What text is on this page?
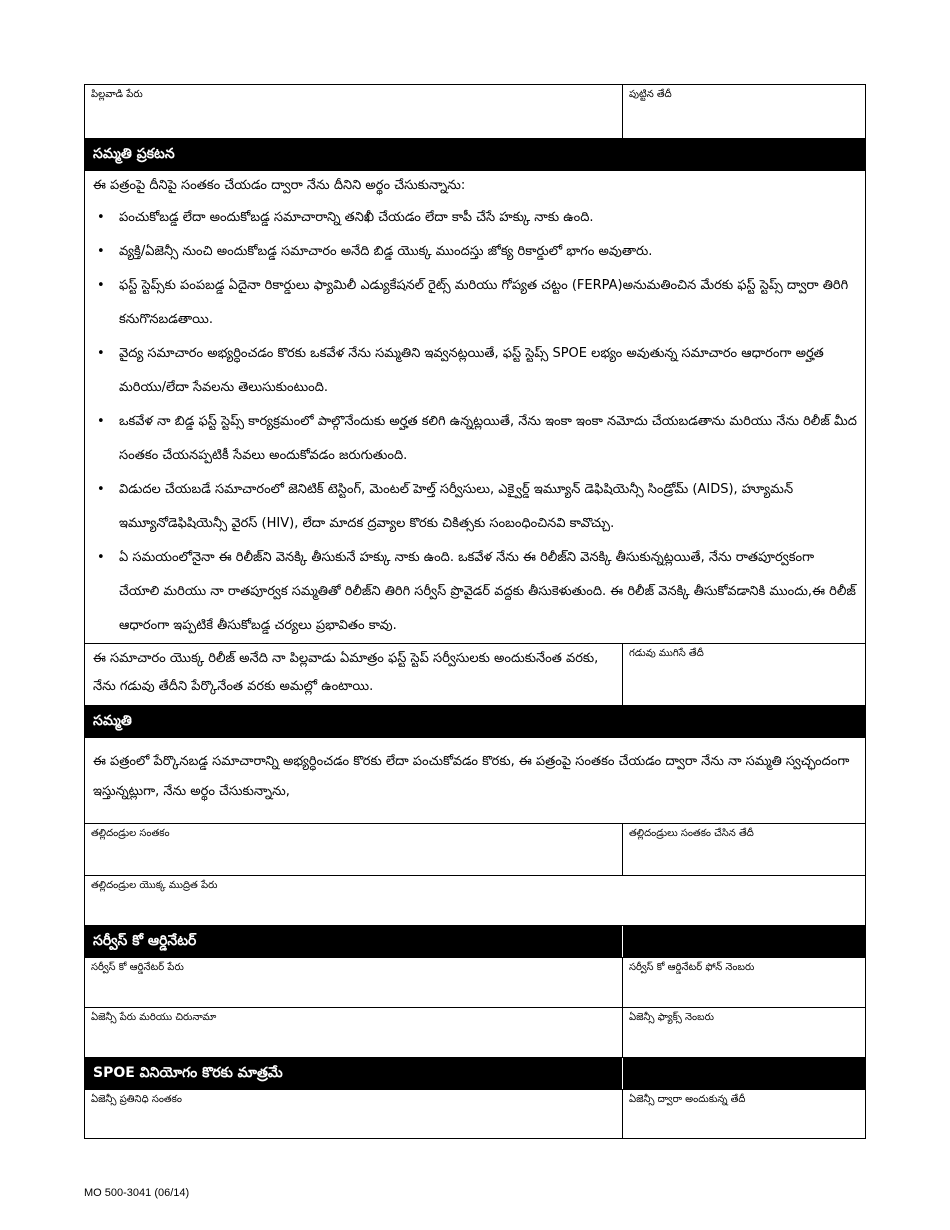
పిల్లవాడి పేరు	పుట్టిన తేదీ
సమ్మతి ప్రకటన
ఈ పత్రంపై దీనిపై సంతకం చేయడం ద్వారా నేను దీనిని అర్థం చేసుకున్నాను:
• పంచుకోబడ్డ లేదా అందుకోబడ్డ సమాచారాన్ని తనిఖీ చేయడం లేదా కాపీ చేసే హక్కు నాకు ఉంది.
• వ్యక్తి/ఏజెన్సీ నుంచి అందుకోబడ్డ సమాచారం అనేది బిడ్డ యొక్క ముందస్తు జోక్య రికార్డులో భాగం అవుతారు.
• ఫస్ట్ స్టెప్స్‌కు పంపబడ్డ ఏదైనా రికార్డులు ఫ్యామిలీ ఎడ్యుకేషనల్ రైట్స్ మరియు గోప్యత చట్టం (FERPA)అనుమతించిన మేరకు ఫస్ట్ స్టెప్స్ ద్వారా తిరిగి కనుగొనబడతాయి.
• వైద్య సమాచారం అభ్యర్ధించడం కొరకు ఒకవేళ నేను సమ్మతిని ఇవ్వనట్లయితే, ఫస్ట్ స్టెప్స్ SPOE లభ్యం అవుతున్న సమాచారం ఆధారంగా అర్హత మరియు/లేదా సేవలను తెలుసుకుంటుంది.
• ఒకవేళ నా బిడ్డ ఫస్ట్ స్టెప్స్ కార్యక్రమంలో పాల్గొనేందుకు అర్హత కలిగి ఉన్నట్లయితే, నేను ఇంకా ఇంకా నమోదు చేయబడతాను మరియు నేను రిలీజ్ మీద సంతకం చేయనప్పటికీ సేవలు అందుకోవడం జరుగుతుంది.
• విడుదల చేయబడే సమాచారంలో జెనిటిక్ టెస్టింగ్, మెంటల్ హెల్త్ సర్వీసులు, ఎక్వైర్డ్ ఇమ్యూన్ డెఫిషియెన్సీ సిండ్రోమ్ (AIDS), హ్యూమన్ ఇమ్యూనోడెఫిషియెన్సీ వైరస్ (HIV), లేదా మాదక ద్రవ్యాల కొరకు చికిత్సకు సంబంధించినవి కావొచ్చు.
• ఏ సమయంలోనైనా ఈ రిలీజ్‌ని వెనక్కి తీసుకునే హక్కు నాకు ఉంది. ఒకవేళ నేను ఈ రిలీజ్‌ని వెనక్కి తీసుకున్నట్లయితే, నేను రాతపూర్వకంగా చేయాలి మరియు నా రాతపూర్వక సమ్మతితో రిలీజ్‌ని తిరిగి సర్వీస్ ప్రొవైడర్ వద్దకు తీసుకెళుతుంది. ఈ రిలీజ్ వెనక్కి తీసుకోవడానికి ముందు,ఈ రిలీజ్ ఆధారంగా ఇప్పటికే తీసుకోబడ్డ చర్యలు ప్రభావితం కావు.
ఈ సమాచారం యొక్క రిలీజ్ అనేది నా పిల్లవాడు ఏమాత్రం ఫస్ట్ స్టెప్ సర్వీసులకు అందుకునేంత వరకు, నేను గడువు తేదీని పేర్కొనేంత వరకు అమల్లో ఉంటాయి.
గడువు ముగిసే తేదీ
సమ్మతి
ఈ పత్రంలో పేర్కొనబడ్డ సమాచారాన్ని అభ్యర్ధించడం కొరకు లేదా పంచుకోవడం కొరకు, ఈ పత్రంపై సంతకం చేయడం ద్వారా నేను నా సమ్మతి స్వచ్ఛందంగా ఇస్తున్నట్లుగా, నేను అర్థం చేసుకున్నాను,
తల్లిదండ్రుల సంతకం	తల్లిదండ్రులు సంతకం చేసిన తేదీ
తల్లిదండ్రుల యొక్క ముద్రిత పేరు
సర్వీస్ కో ఆర్డినేటర్
సర్వీస్ కో ఆర్డినేటర్ పేరు	సర్వీస్ కో ఆర్డినేటర్ ఫోన్ నెంబరు
ఏజెన్సీ పేరు మరియు చిరునామా	ఏజెన్సీ ఫ్యాక్స్ నెంబరు
SPOE వినియోగం కొరకు మాత్రమే
ఏజెన్సీ ప్రతినిధి సంతకం	ఏజెన్సీ ద్వారా అందుకున్న తేదీ
MO 500-3041 (06/14)
